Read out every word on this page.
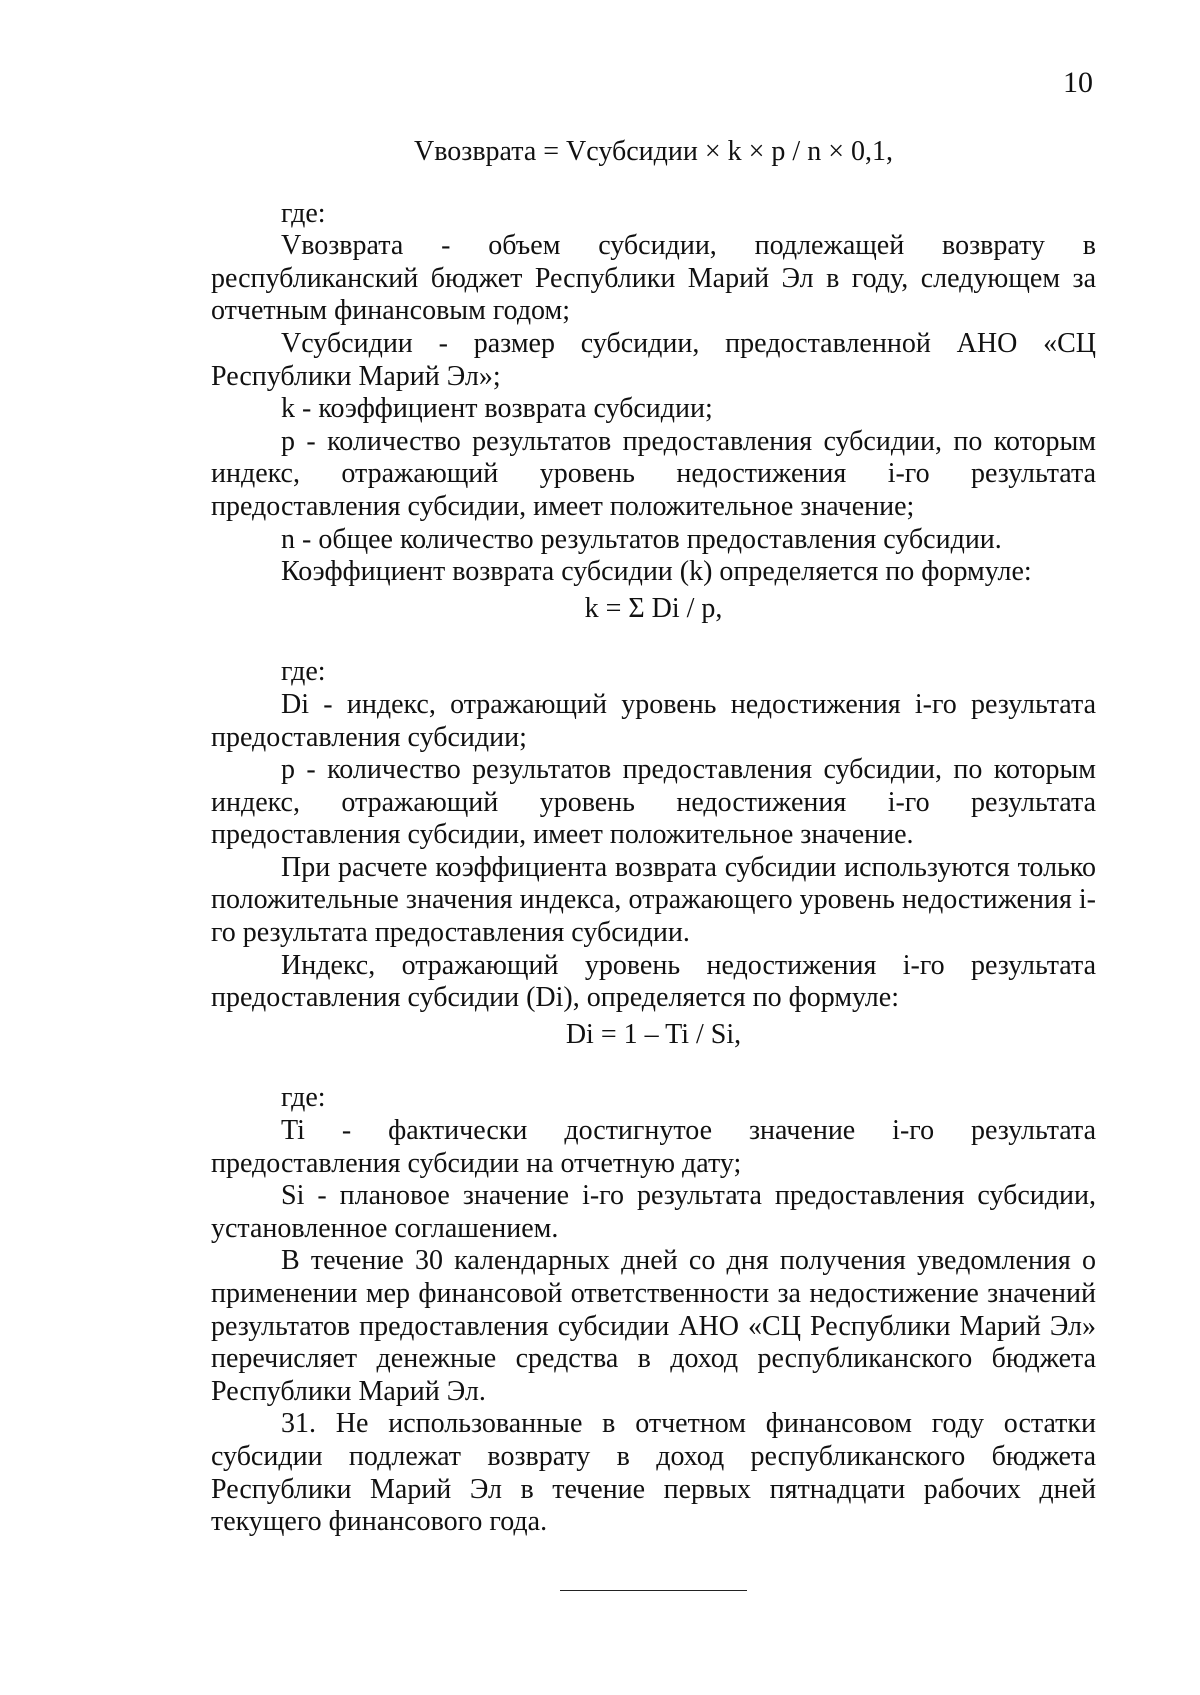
10

Vвозврата = Vсубсидии × k × p / n × 0,1,

где:

Vвозврата - объем субсидии, подлежащей возврату в республиканский бюджет Республики Марий Эл в году, следующем за отчетным финансовым годом;

Vсубсидии - размер субсидии, предоставленной АНО «СЦ Республики Марий Эл»;

k - коэффициент возврата субсидии;

р - количество результатов предоставления субсидии, по которым индекс, отражающий уровень недостижения i-го результата предоставления субсидии, имеет положительное значение;

n - общее количество результатов предоставления субсидии.

Коэффициент возврата субсидии (k) определяется по формуле:

k = Σ Di / p,

где:

Di - индекс, отражающий уровень недостижения i-го результата предоставления субсидии;

р - количество результатов предоставления субсидии, по которым индекс, отражающий уровень недостижения i-го результата предоставления субсидии, имеет положительное значение.

При расчете коэффициента возврата субсидии используются только положительные значения индекса, отражающего уровень недостижения i-го результата предоставления субсидии.

Индекс, отражающий уровень недостижения i-го результата предоставления субсидии (Di), определяется по формуле:

Di = 1 – Ti / Si,

где:

Ti - фактически достигнутое значение i-го результата предоставления субсидии на отчетную дату;

Si - плановое значение i-го результата предоставления субсидии, установленное соглашением.

В течение 30 календарных дней со дня получения уведомления о применении мер финансовой ответственности за недостижение значений результатов предоставления субсидии АНО «СЦ Республики Марий Эл» перечисляет денежные средства в доход республиканского бюджета Республики Марий Эл.

31. Не использованные в отчетном финансовом году остатки субсидии подлежат возврату в доход республиканского бюджета Республики Марий Эл в течение первых пятнадцати рабочих дней текущего финансового года.
